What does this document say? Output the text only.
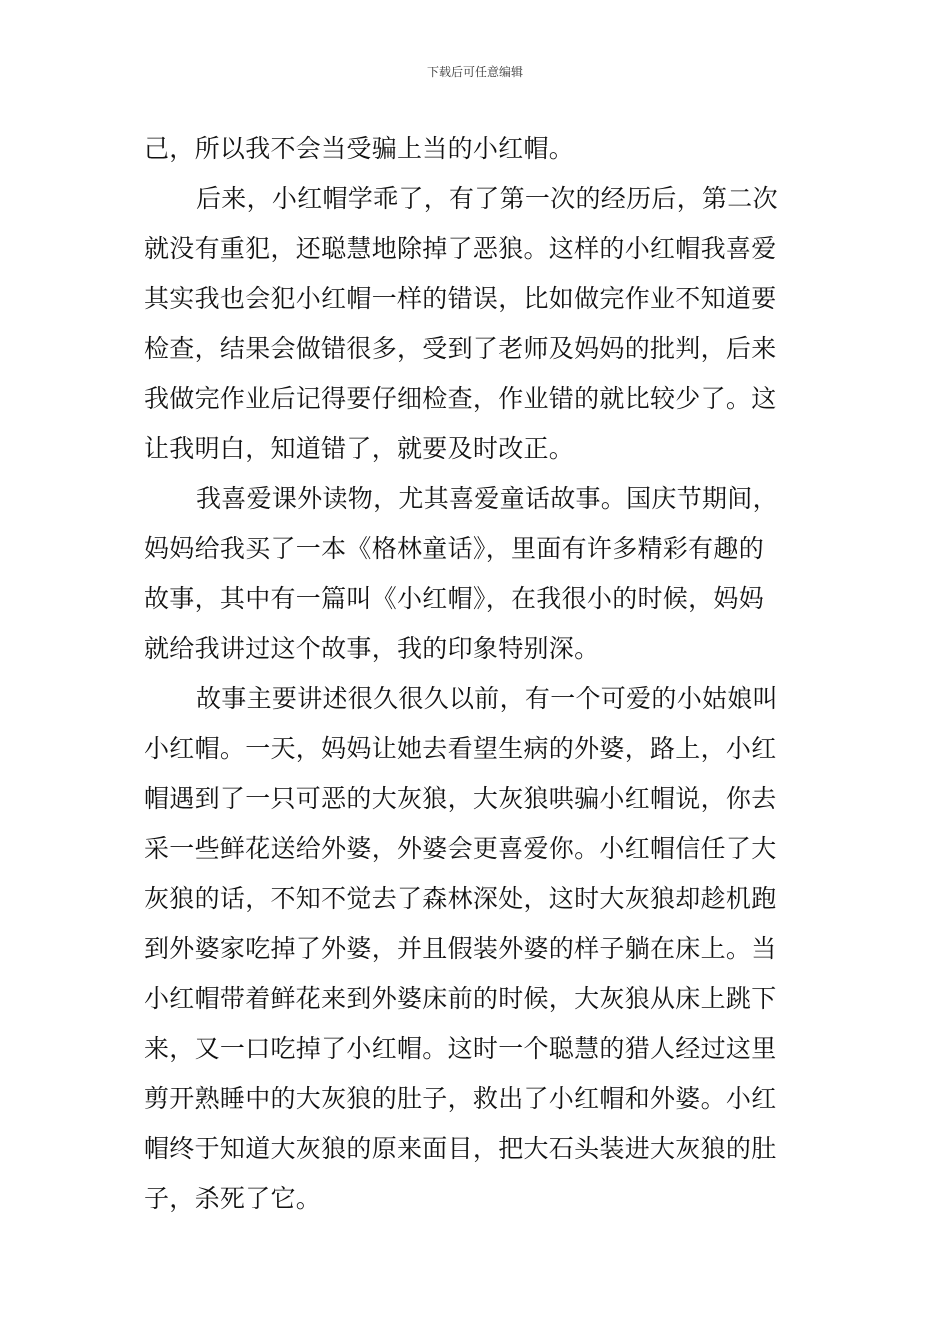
下载后可任意编辑
己，所以我不会当受骗上当的小红帽。
后来，小红帽学乖了，有了第一次的经历后，第二次
就没有重犯，还聪慧地除掉了恶狼。这样的小红帽我喜爱
其实我也会犯小红帽一样的错误，比如做完作业不知道要
检查，结果会做错很多，受到了老师及妈妈的批判，后来
我做完作业后记得要仔细检查，作业错的就比较少了。这
让我明白，知道错了，就要及时改正。
我喜爱课外读物，尤其喜爱童话故事。国庆节期间，
妈妈给我买了一本《格林童话》，里面有许多精彩有趣的
故事，其中有一篇叫《小红帽》，在我很小的时候，妈妈
就给我讲过这个故事，我的印象特别深。
故事主要讲述很久很久以前，有一个可爱的小姑娘叫
小红帽。一天，妈妈让她去看望生病的外婆，路上，小红
帽遇到了一只可恶的大灰狼，大灰狼哄骗小红帽说，你去
采一些鲜花送给外婆，外婆会更喜爱你。小红帽信任了大
灰狼的话，不知不觉去了森林深处，这时大灰狼却趁机跑
到外婆家吃掉了外婆，并且假装外婆的样子躺在床上。当
小红帽带着鲜花来到外婆床前的时候，大灰狼从床上跳下
来，又一口吃掉了小红帽。这时一个聪慧的猎人经过这里
剪开熟睡中的大灰狼的肚子，救出了小红帽和外婆。小红
帽终于知道大灰狼的原来面目，把大石头装进大灰狼的肚
子，杀死了它。
